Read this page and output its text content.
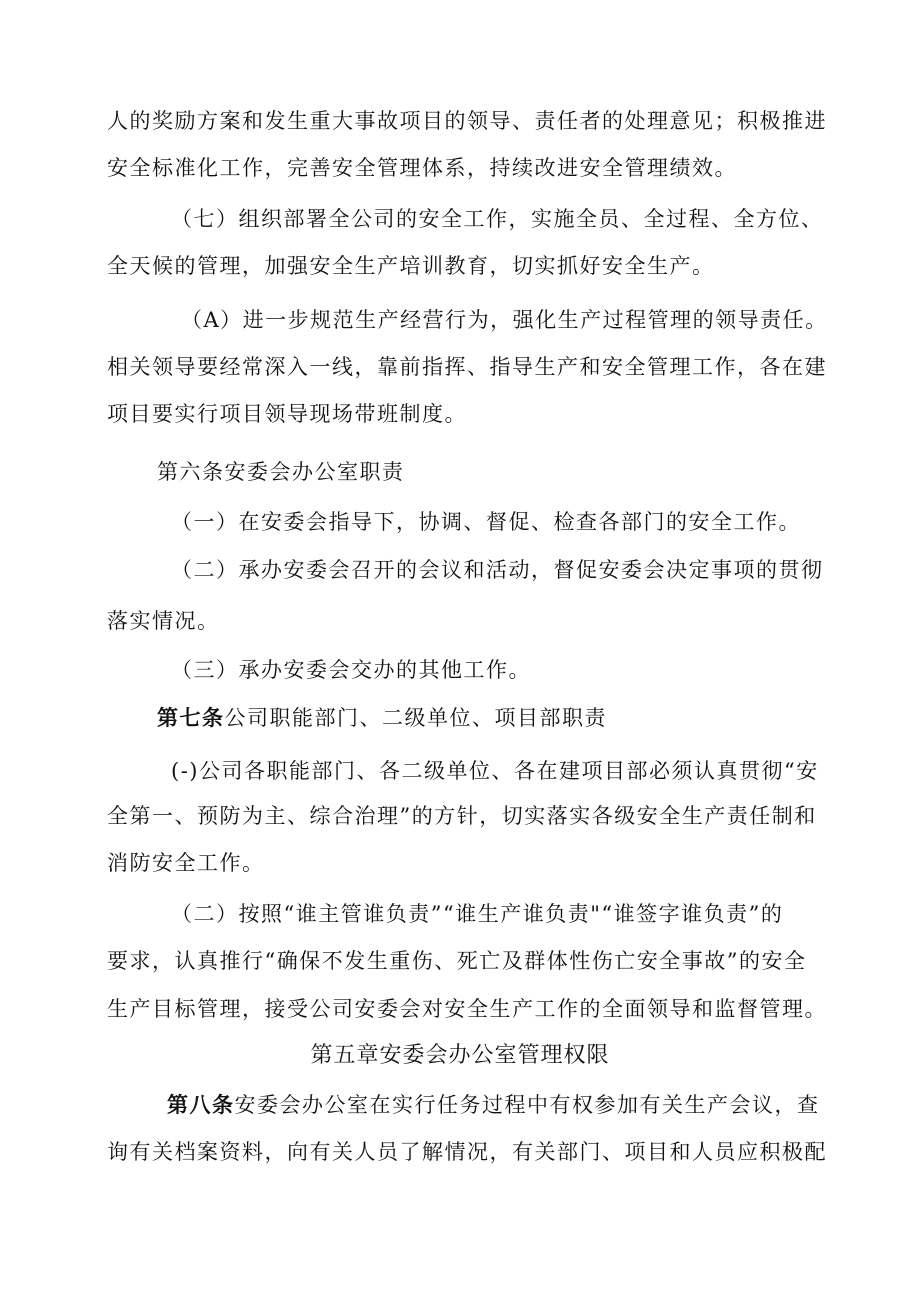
人的奖励方案和发生重大事故项目的领导、责任者的处理意见；积极推进
安全标准化工作，完善安全管理体系，持续改进安全管理绩效。
（七）组织部署全公司的安全工作，实施全员、全过程、全方位、
全天候的管理，加强安全生产培训教育，切实抓好安全生产。
（A）进一步规范生产经营行为，强化生产过程管理的领导责任。
相关领导要经常深入一线，靠前指挥、指导生产和安全管理工作，各在建
项目要实行项目领导现场带班制度。
第六条安委会办公室职责
（一）在安委会指导下，协调、督促、检查各部门的安全工作。
（二）承办安委会召开的会议和活动，督促安委会决定事项的贯彻
落实情况。
（三）承办安委会交办的其他工作。
第七条公司职能部门、二级单位、项目部职责
(-)公司各职能部门、各二级单位、各在建项目部必须认真贯彻“安
全第一、预防为主、综合治理”的方针，切实落实各级安全生产责任制和
消防安全工作。
（二）按照“谁主管谁负责”“谁生产谁负责"“谁签字谁负责”的
要求，认真推行“确保不发生重伤、死亡及群体性伤亡安全事故”的安全
生产目标管理，接受公司安委会对安全生产工作的全面领导和监督管理。
第五章安委会办公室管理权限
第八条安委会办公室在实行任务过程中有权参加有关生产会议，查
询有关档案资料，向有关人员了解情况，有关部门、项目和人员应积极配
